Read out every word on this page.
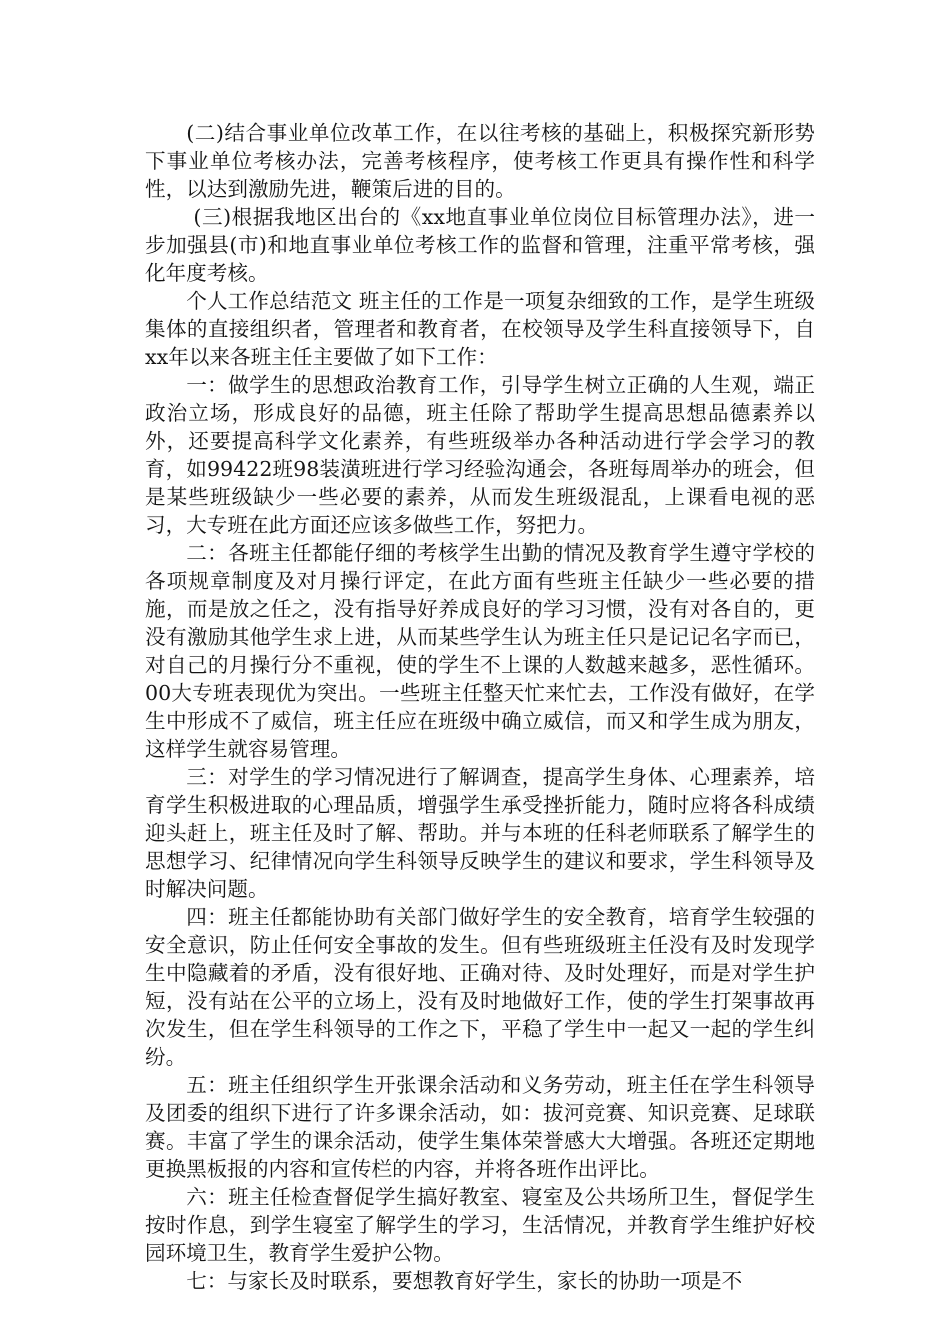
(二)结合事业单位改革工作，在以往考核的基础上，积极探究新形势下事业单位考核办法，完善考核程序，使考核工作更具有操作性和科学性，以达到激励先进，鞭策后进的目的。

(三)根据我地区出台的《xx地直事业单位岗位目标管理办法》，进一步加强县(市)和地直事业单位考核工作的监督和管理，注重平常考核，强化年度考核。

个人工作总结范文 班主任的工作是一项复杂细致的工作，是学生班级集体的直接组织者，管理者和教育者，在校领导及学生科直接领导下，自xx年以来各班主任主要做了如下工作：

一：做学生的思想政治教育工作，引导学生树立正确的人生观，端正政治立场，形成良好的品德，班主任除了帮助学生提高思想品德素养以外，还要提高科学文化素养，有些班级举办各种活动进行学会学习的教育，如99422班98装潢班进行学习经验沟通会，各班每周举办的班会，但是某些班级缺少一些必要的素养，从而发生班级混乱，上课看电视的恶习，大专班在此方面还应该多做些工作，努把力。

二：各班主任都能仔细的考核学生出勤的情况及教育学生遵守学校的各项规章制度及对月操行评定，在此方面有些班主任缺少一些必要的措施，而是放之任之，没有指导好养成良好的学习习惯，没有对各自的，更没有激励其他学生求上进，从而某些学生认为班主任只是记记名字而已，对自己的月操行分不重视，使的学生不上课的人数越来越多，恶性循环。00大专班表现优为突出。一些班主任整天忙来忙去，工作没有做好，在学生中形成不了威信，班主任应在班级中确立威信，而又和学生成为朋友，这样学生就容易管理。

三：对学生的学习情况进行了解调查，提高学生身体、心理素养，培育学生积极进取的心理品质，增强学生承受挫折能力，随时应将各科成绩迎头赶上，班主任及时了解、帮助。并与本班的任科老师联系了解学生的思想学习、纪律情况向学生科领导反映学生的建议和要求，学生科领导及时解决问题。

四：班主任都能协助有关部门做好学生的安全教育，培育学生较强的安全意识，防止任何安全事故的发生。但有些班级班主任没有及时发现学生中隐藏着的矛盾，没有很好地、正确对待、及时处理好，而是对学生护短，没有站在公平的立场上，没有及时地做好工作，使的学生打架事故再次发生，但在学生科领导的工作之下，平稳了学生中一起又一起的学生纠纷。

五：班主任组织学生开张课余活动和义务劳动，班主任在学生科领导及团委的组织下进行了许多课余活动，如：拔河竞赛、知识竞赛、足球联赛。丰富了学生的课余活动，使学生集体荣誉感大大增强。各班还定期地更换黑板报的内容和宣传栏的内容，并将各班作出评比。

六：班主任检查督促学生搞好教室、寝室及公共场所卫生，督促学生按时作息，到学生寝室了解学生的学习，生活情况，并教育学生维护好校园环境卫生，教育学生爱护公物。

七：与家长及时联系，要想教育好学生，家长的协助一项是不
